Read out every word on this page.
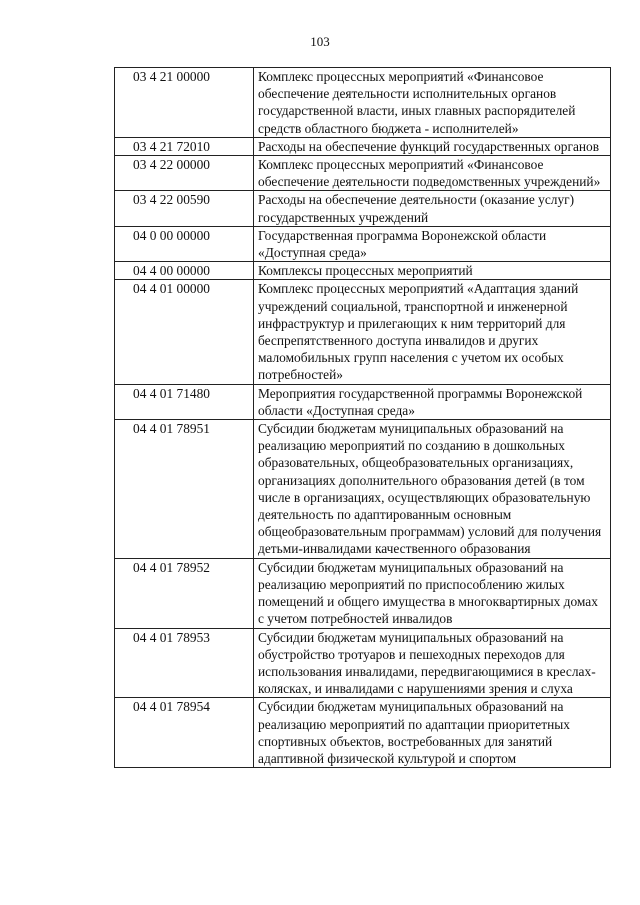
103
03 4 21 00000	Комплекс процессных мероприятий «Финансовое обеспечение деятельности исполнительных органов государственной власти, иных главных распорядителей средств областного бюджета - исполнителей»
03 4 21 72010	Расходы на обеспечение функций государственных органов
03 4 22 00000	Комплекс процессных мероприятий «Финансовое обеспечение деятельности подведомственных учреждений»
03 4 22 00590	Расходы на обеспечение деятельности (оказание услуг) государственных учреждений
04 0 00 00000	Государственная программа Воронежской области «Доступная среда»
04 4 00 00000	Комплексы процессных мероприятий
04 4 01 00000	Комплекс процессных мероприятий «Адаптация зданий учреждений социальной, транспортной и инженерной инфраструктур и прилегающих к ним территорий для беспрепятственного доступа инвалидов и других маломобильных групп населения с учетом их особых потребностей»
04 4 01 71480	Мероприятия государственной программы Воронежской области «Доступная среда»
04 4 01 78951	Субсидии бюджетам муниципальных образований на реализацию мероприятий по созданию в дошкольных образовательных, общеобразовательных организациях, организациях дополнительного образования детей (в том числе в организациях, осуществляющих образовательную деятельность по адаптированным основным общеобразовательным программам) условий для получения детьми-инвалидами качественного образования
04 4 01 78952	Субсидии бюджетам муниципальных образований на реализацию мероприятий по приспособлению жилых помещений и общего имущества в многоквартирных домах с учетом потребностей инвалидов
04 4 01 78953	Субсидии бюджетам муниципальных образований на обустройство тротуаров и пешеходных переходов для использования инвалидами, передвигающимися в креслах-колясках, и инвалидами с нарушениями зрения и слуха
04 4 01 78954	Субсидии бюджетам муниципальных образований на реализацию мероприятий по адаптации приоритетных спортивных объектов, востребованных для занятий адаптивной физической культурой и спортом
